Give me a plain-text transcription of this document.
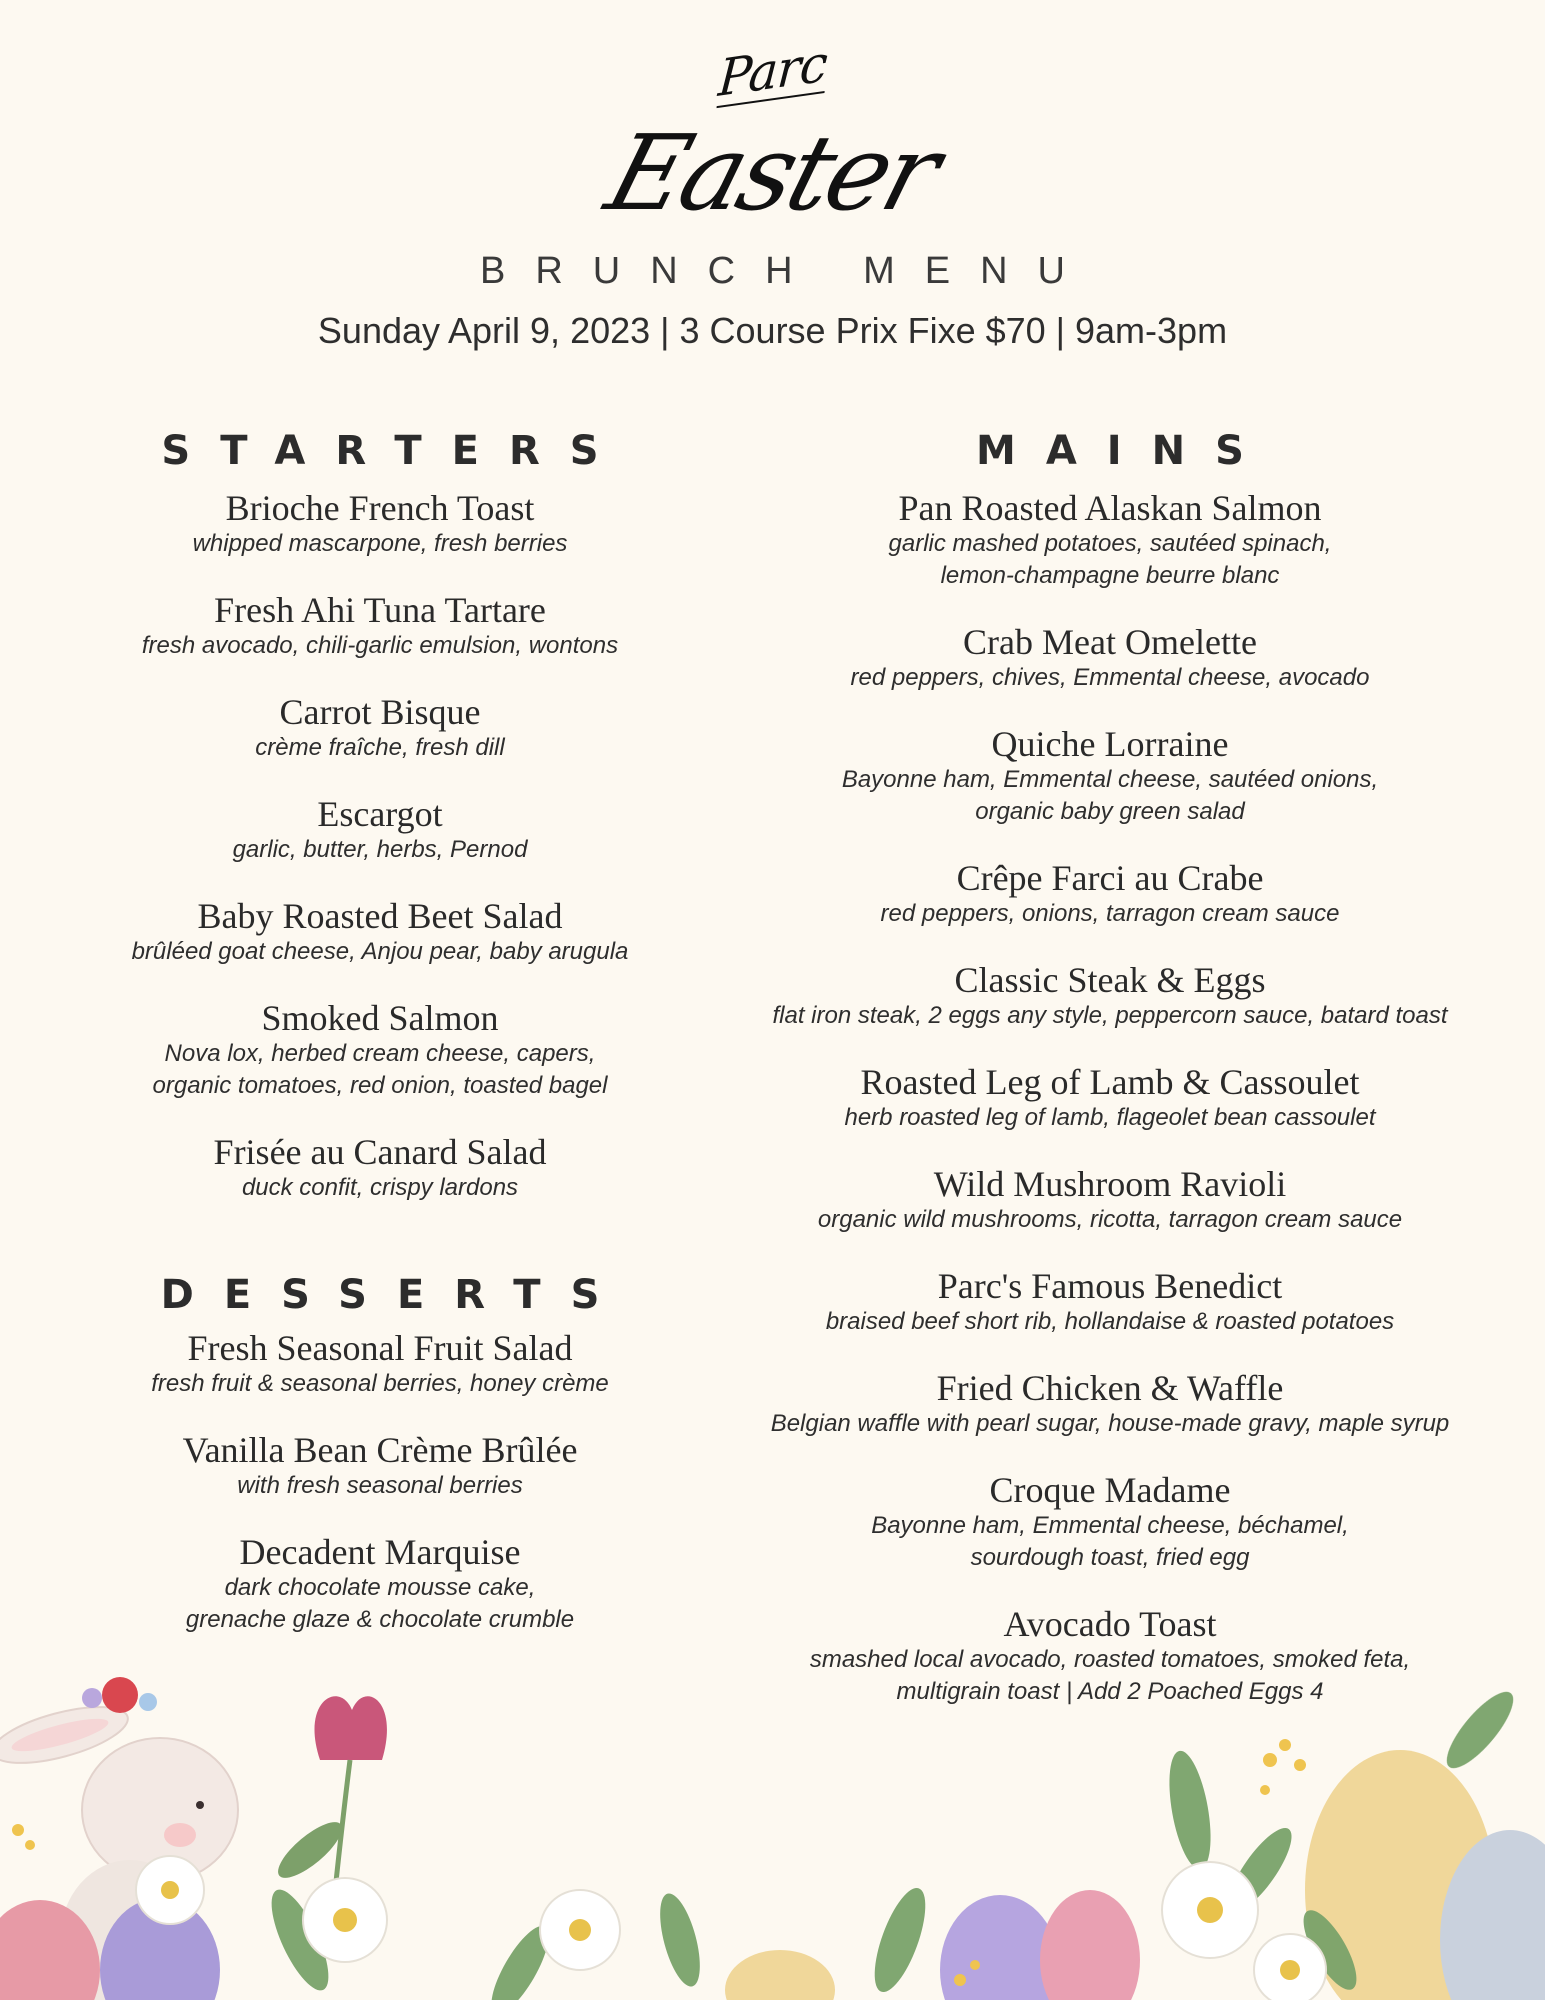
Parc
Easter
BRUNCH MENU
Sunday April 9, 2023 | 3 Course Prix Fixe $70 | 9am-3pm
STARTERS
Brioche French Toast
whipped mascarpone, fresh berries
Fresh Ahi Tuna Tartare
fresh avocado, chili-garlic emulsion, wontons
Carrot Bisque
crème fraîche, fresh dill
Escargot
garlic, butter, herbs, Pernod
Baby Roasted Beet Salad
brûléed goat cheese, Anjou pear, baby arugula
Smoked Salmon
Nova lox, herbed cream cheese, capers,
organic tomatoes, red onion, toasted bagel
Frisée au Canard Salad
duck confit, crispy lardons
DESSERTS
Fresh Seasonal Fruit Salad
fresh fruit & seasonal berries, honey crème
Vanilla Bean Crème Brûlée
with fresh seasonal berries
Decadent Marquise
dark chocolate mousse cake,
grenache glaze & chocolate crumble
MAINS
Pan Roasted Alaskan Salmon
garlic mashed potatoes, sautéed spinach,
lemon-champagne beurre blanc
Crab Meat Omelette
red peppers, chives, Emmental cheese, avocado
Quiche Lorraine
Bayonne ham, Emmental cheese, sautéed onions,
organic baby green salad
Crêpe Farci au Crabe
red peppers, onions, tarragon cream sauce
Classic Steak & Eggs
flat iron steak, 2 eggs any style, peppercorn sauce, batard toast
Roasted Leg of Lamb & Cassoulet
herb roasted leg of lamb, flageolet bean cassoulet
Wild Mushroom Ravioli
organic wild mushrooms, ricotta, tarragon cream sauce
Parc's Famous Benedict
braised beef short rib, hollandaise & roasted potatoes
Fried Chicken & Waffle
Belgian waffle with pearl sugar, house-made gravy, maple syrup
Croque Madame
Bayonne ham, Emmental cheese, béchamel,
sourdough toast, fried egg
Avocado Toast
smashed local avocado, roasted tomatoes, smoked feta,
multigrain toast | Add 2 Poached Eggs 4
